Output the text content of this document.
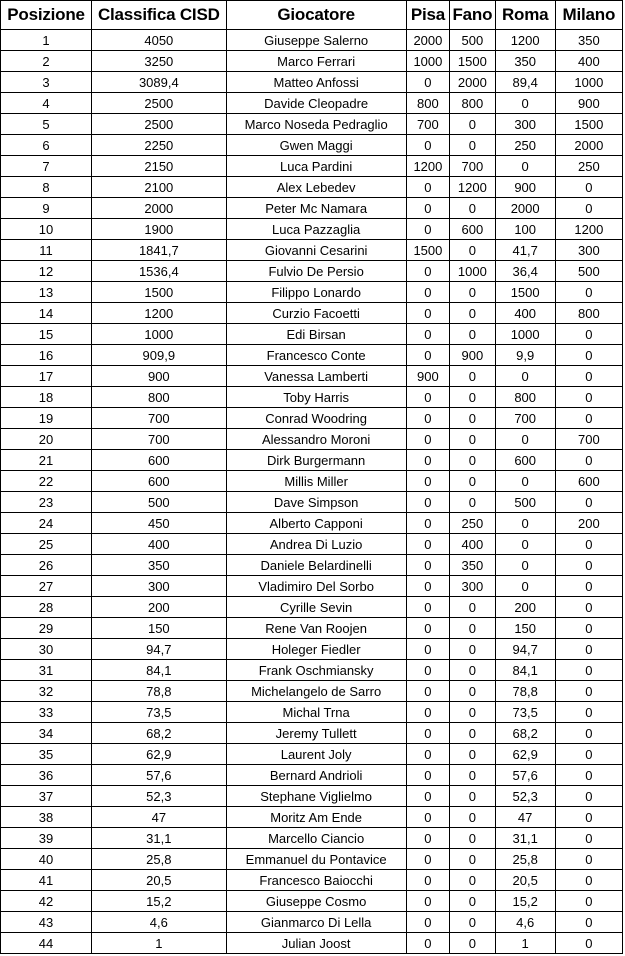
Posizione	Classifica CISD	Giocatore	Pisa	Fano	Roma	Milano
1	4050	Giuseppe Salerno	2000	500	1200	350
2	3250	Marco Ferrari	1000	1500	350	400
3	3089,4	Matteo Anfossi	0	2000	89,4	1000
4	2500	Davide Cleopadre	800	800	0	900
5	2500	Marco Noseda Pedraglio	700	0	300	1500
6	2250	Gwen Maggi	0	0	250	2000
7	2150	Luca Pardini	1200	700	0	250
8	2100	Alex Lebedev	0	1200	900	0
9	2000	Peter Mc Namara	0	0	2000	0
10	1900	Luca Pazzaglia	0	600	100	1200
11	1841,7	Giovanni Cesarini	1500	0	41,7	300
12	1536,4	Fulvio De Persio	0	1000	36,4	500
13	1500	Filippo Lonardo	0	0	1500	0
14	1200	Curzio Facoetti	0	0	400	800
15	1000	Edi Birsan	0	0	1000	0
16	909,9	Francesco Conte	0	900	9,9	0
17	900	Vanessa Lamberti	900	0	0	0
18	800	Toby Harris	0	0	800	0
19	700	Conrad Woodring	0	0	700	0
20	700	Alessandro Moroni	0	0	0	700
21	600	Dirk Burgermann	0	0	600	0
22	600	Millis Miller	0	0	0	600
23	500	Dave Simpson	0	0	500	0
24	450	Alberto Capponi	0	250	0	200
25	400	Andrea Di Luzio	0	400	0	0
26	350	Daniele Belardinelli	0	350	0	0
27	300	Vladimiro Del Sorbo	0	300	0	0
28	200	Cyrille Sevin	0	0	200	0
29	150	Rene Van Roojen	0	0	150	0
30	94,7	Holeger Fiedler	0	0	94,7	0
31	84,1	Frank Oschmiansky	0	0	84,1	0
32	78,8	Michelangelo de Sarro	0	0	78,8	0
33	73,5	Michal Trna	0	0	73,5	0
34	68,2	Jeremy Tullett	0	0	68,2	0
35	62,9	Laurent Joly	0	0	62,9	0
36	57,6	Bernard Andrioli	0	0	57,6	0
37	52,3	Stephane Viglielmo	0	0	52,3	0
38	47	Moritz Am Ende	0	0	47	0
39	31,1	Marcello Ciancio	0	0	31,1	0
40	25,8	Emmanuel du Pontavice	0	0	25,8	0
41	20,5	Francesco Baiocchi	0	0	20,5	0
42	15,2	Giuseppe Cosmo	0	0	15,2	0
43	4,6	Gianmarco Di Lella	0	0	4,6	0
44	1	Julian Joost	0	0	1	0
